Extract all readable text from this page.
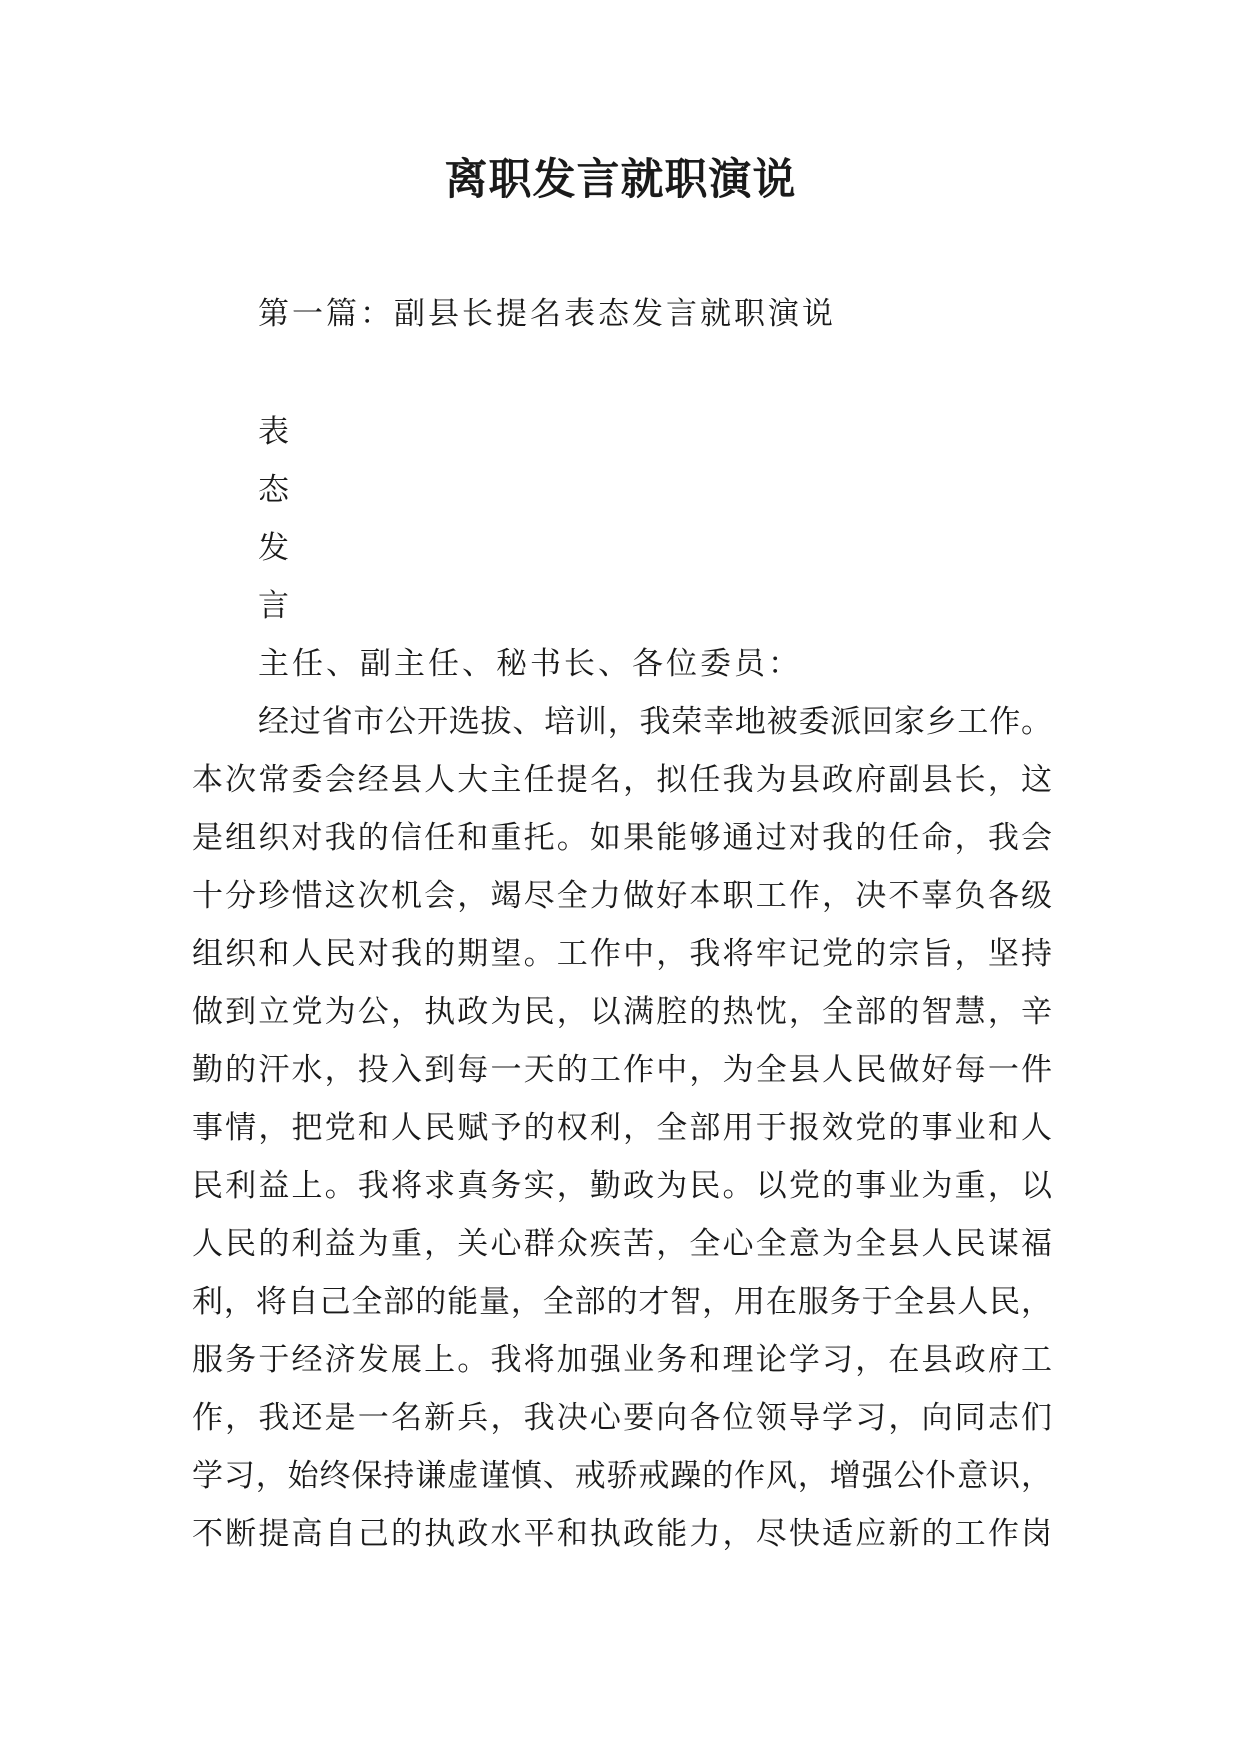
离职发言就职演说

第一篇：副县长提名表态发言就职演说

表

态

发

言

主任、副主任、秘书长、各位委员：

经过省市公开选拔、培训，我荣幸地被委派回家乡工作。
本次常委会经县人大主任提名，拟任我为县政府副县长，这
是组织对我的信任和重托。如果能够通过对我的任命，我会
十分珍惜这次机会，竭尽全力做好本职工作，决不辜负各级
组织和人民对我的期望。工作中，我将牢记党的宗旨，坚持
做到立党为公，执政为民，以满腔的热忱，全部的智慧，辛
勤的汗水，投入到每一天的工作中，为全县人民做好每一件
事情，把党和人民赋予的权利，全部用于报效党的事业和人
民利益上。我将求真务实，勤政为民。以党的事业为重，以
人民的利益为重，关心群众疾苦，全心全意为全县人民谋福
利，将自己全部的能量，全部的才智，用在服务于全县人民，
服务于经济发展上。我将加强业务和理论学习，在县政府工
作，我还是一名新兵，我决心要向各位领导学习，向同志们
学习，始终保持谦虚谨慎、戒骄戒躁的作风，增强公仆意识，
不断提高自己的执政水平和执政能力，尽快适应新的工作岗
